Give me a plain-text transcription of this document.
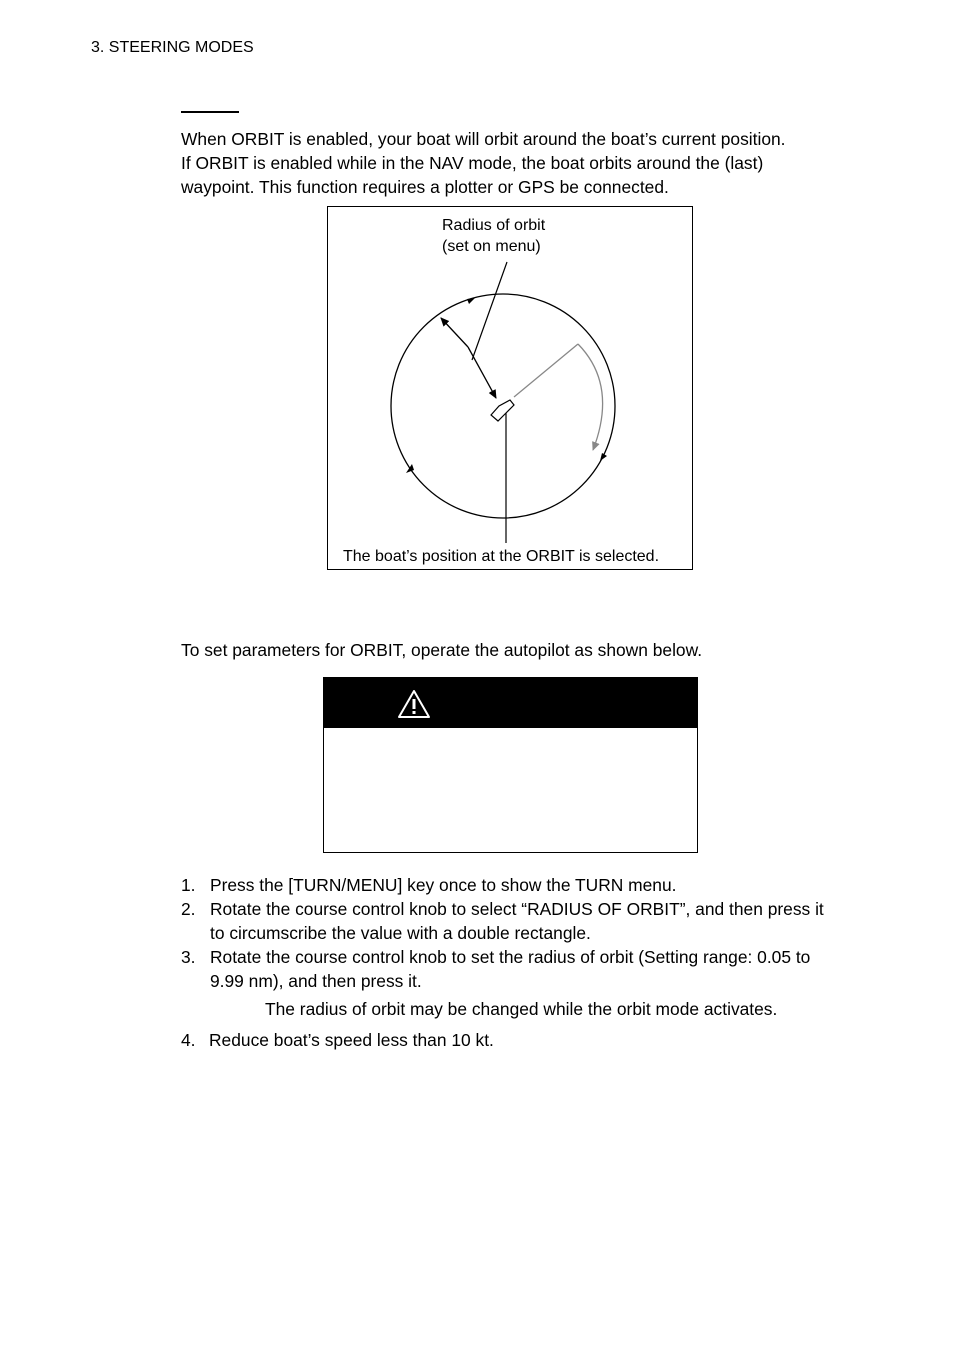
3. STEERING MODES
When ORBIT is enabled, your boat will orbit around the boat’s current position.
If ORBIT is enabled while in the NAV mode, the boat orbits around the (last)
waypoint. This function requires a plotter or GPS be connected.
Radius of orbit
(set on menu)
The boat’s position at the ORBIT is selected.
To set parameters for ORBIT, operate the autopilot as shown below.
1. Press the [TURN/MENU] key once to show the TURN menu.
2. Rotate the course control knob to select “RADIUS OF ORBIT”, and then press it to circumscribe the value with a double rectangle.
3. Rotate the course control knob to set the radius of orbit (Setting range: 0.05 to 9.99 nm), and then press it.
The radius of orbit may be changed while the orbit mode activates.
4. Reduce boat’s speed less than 10 kt.
